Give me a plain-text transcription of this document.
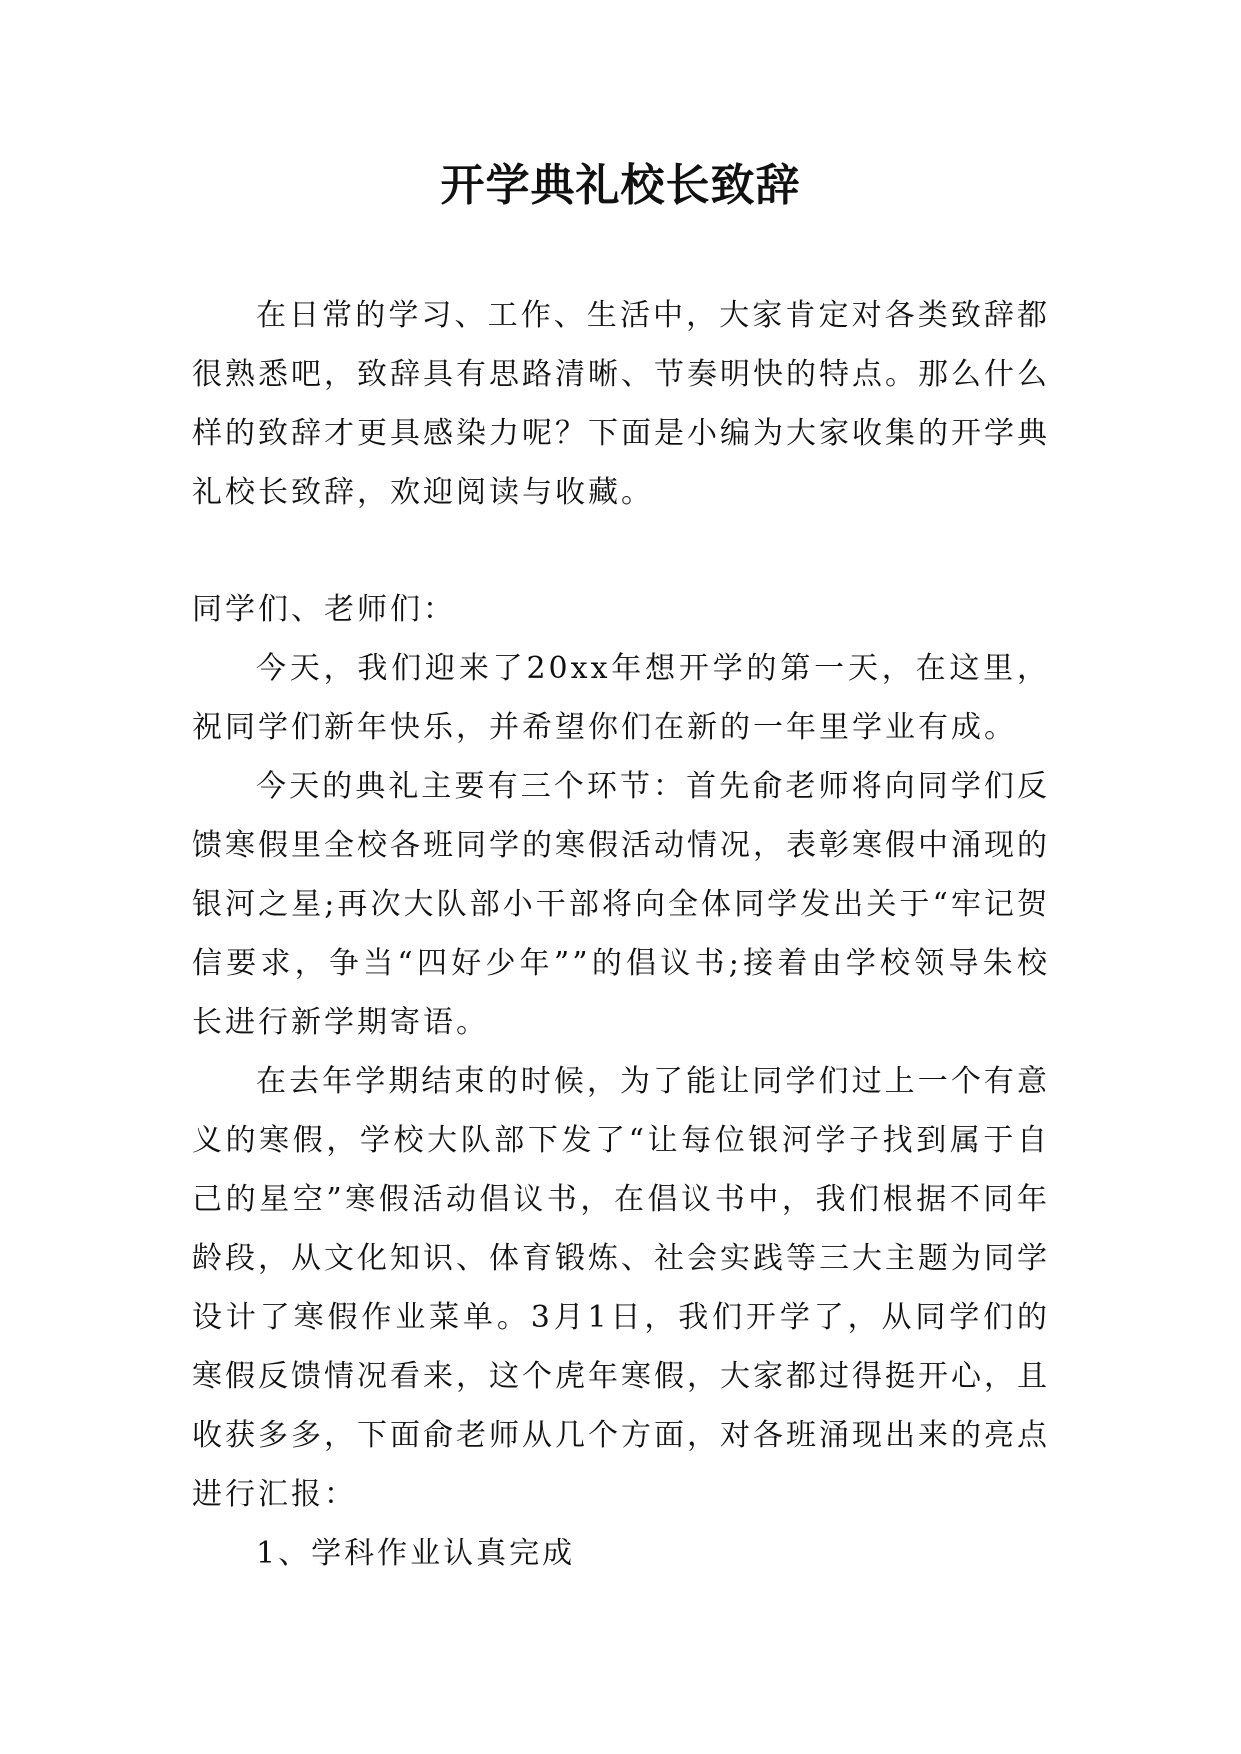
开学典礼校长致辞

在日常的学习、工作、生活中，大家肯定对各类致辞都很熟悉吧，致辞具有思路清晰、节奏明快的特点。那么什么样的致辞才更具感染力呢？下面是小编为大家收集的开学典礼校长致辞，欢迎阅读与收藏。

同学们、老师们：

今天，我们迎来了20xx年想开学的第一天，在这里，祝同学们新年快乐，并希望你们在新的一年里学业有成。

今天的典礼主要有三个环节：首先俞老师将向同学们反馈寒假里全校各班同学的寒假活动情况，表彰寒假中涌现的银河之星;再次大队部小干部将向全体同学发出关于“牢记贺信要求，争当“四好少年””的倡议书;接着由学校领导朱校长进行新学期寄语。

在去年学期结束的时候，为了能让同学们过上一个有意义的寒假，学校大队部下发了“让每位银河学子找到属于自己的星空”寒假活动倡议书，在倡议书中，我们根据不同年龄段，从文化知识、体育锻炼、社会实践等三大主题为同学设计了寒假作业菜单。3月1日，我们开学了，从同学们的寒假反馈情况看来，这个虎年寒假，大家都过得挺开心，且收获多多，下面俞老师从几个方面，对各班涌现出来的亮点进行汇报：

1、学科作业认真完成
